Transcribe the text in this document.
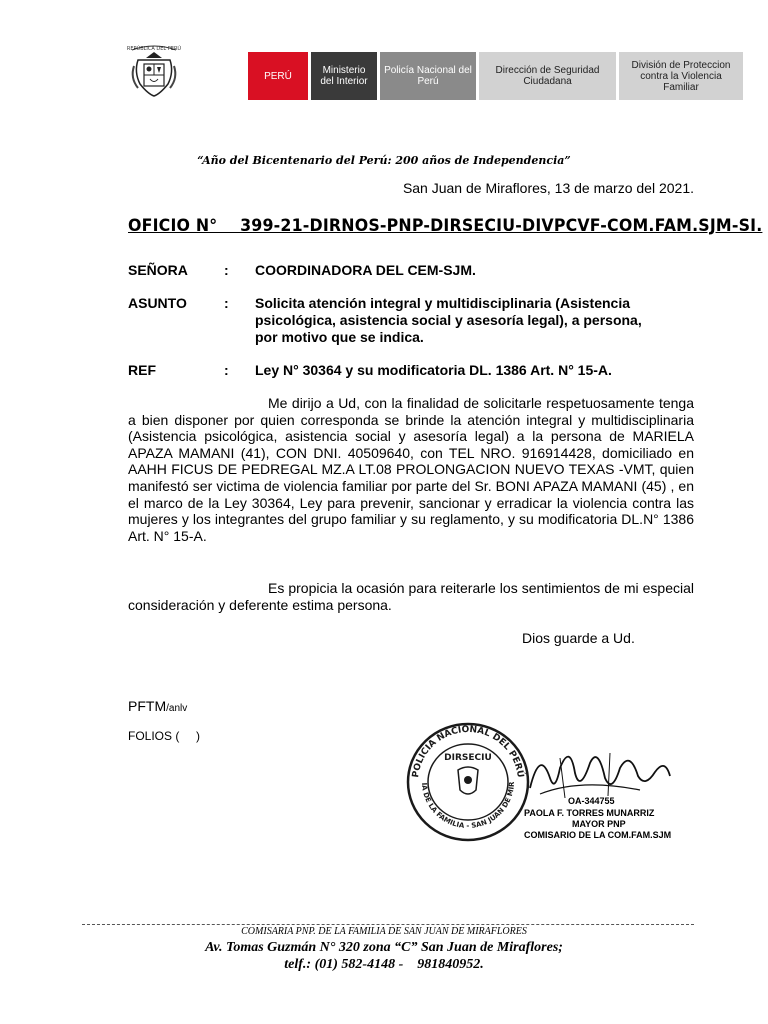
REPÚBLICA DEL PERÚ
PERÚ	Ministerio del Interior
Policía Nacional del Perú
Dirección de Seguridad Ciudadana
División de Proteccion contra la Violencia Familiar
“Año del Bicentenario del Perú: 200 años de Independencia”
San Juan de Miraflores, 13 de marzo del 2021.
OFICIO N°    399-21-DIRNOS-PNP-DIRSECIU-DIVPCVF-COM.FAM.SJM-SI.
SEÑORA	: COORDINADORA DEL CEM-SJM.
ASUNTO	: Solicita atención integral y multidisciplinaria (Asistencia
psicológica, asistencia social y asesoría legal), a persona,
por motivo que se indica.
REF	: Ley N° 30364 y su modificatoria DL. 1386 Art. N° 15-A.
Me dirijo a Ud, con la finalidad de solicitarle respetuosamente tenga a bien disponer por quien corresponda se brinde la atención integral y multidisciplinaria (Asistencia psicológica, asistencia social y asesoría legal) a la persona de MARIELA APAZA MAMANI (41), CON DNI. 40509640, con TEL NRO. 916914428, domiciliado en AAHH FICUS DE PEDREGAL MZ.A LT.08 PROLONGACION NUEVO TEXAS -VMT, quien manifestó ser victima de violencia familiar por parte del Sr. BONI APAZA MAMANI (45) , en el marco de la Ley 30364, Ley para prevenir, sancionar y erradicar la violencia contra las mujeres y los integrantes del grupo familiar y su reglamento, y su modificatoria DL.N° 1386 Art. N° 15-A.
Es propicia la ocasión para reiterarle los sentimientos de mi especial consideración y deferente estima persona.
Dios guarde a Ud.
PFTM/anlv
FOLIOS (     )
POLICIA NACIONAL DEL PERÚ
IA DE LA FAMILIA - SAN JUAN DE MIR
DIRSECIU
OA-344755
PAOLA F. TORRES MUNARRIZ
MAYOR PNP
COMISARIO DE LA COM.FAM.SJM
COMISARIA PNP. DE LA FAMILIA DE SAN JUAN DE MIRAFLORES
Av. Tomas Guzmán N° 320 zona “C” San Juan de Miraflores;
telf.: (01) 582-4148 -    981840952.
